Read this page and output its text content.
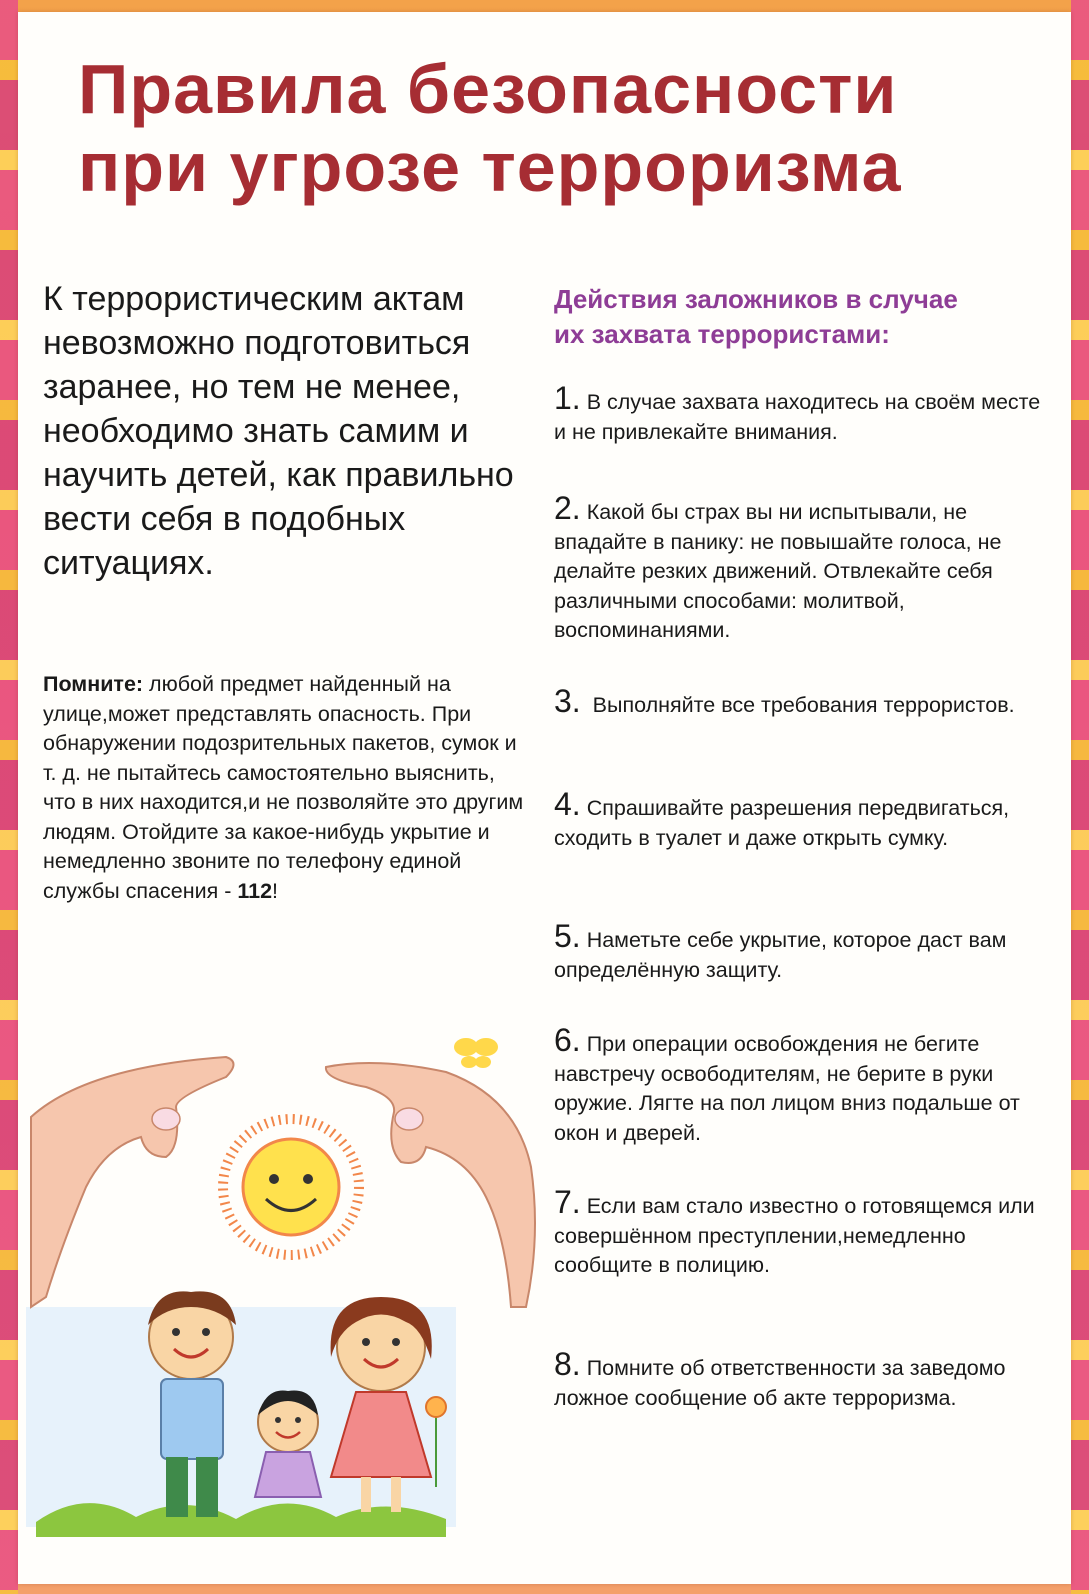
Правила безопасности
при угрозе терроризма

К террористическим актам невозможно подготовиться заранее, но тем не менее, необходимо знать самим и научить детей, как правильно вести себя в подобных ситуациях.

Помните: любой предмет найденный на улице,может представлять опасность. При обнаружении подозрительных пакетов, сумок и т. д. не пытайтесь самостоятельно выяснить, что в них находится,и не позволяйте это другим людям. Отойдите за какое-нибудь укрытие и немедленно звоните по телефону единой службы спасения - 112!

Действия заложников в случае
их захвата террористами:

1. В случае захвата находитесь на своём месте и не привлекайте внимания.

2. Какой бы страх вы ни испытывали, не впадайте в панику: не повышайте голоса, не делайте резких движений. Отвлекайте себя различными способами: молитвой, воспоминаниями.

3. Выполняйте все требования террористов.

4. Спрашивайте разрешения передвигаться, сходить в туалет и даже открыть сумку.

5. Наметьте себе укрытие, которое даст вам определённую защиту.

6. При операции освобождения не бегите навстречу освободителям, не берите в руки оружие. Лягте на пол лицом вниз подальше от окон и дверей.

7. Если вам стало известно о готовящемся или совершённом преступлении,немедленно сообщите в полицию.

8. Помните об ответственности за заведомо ложное сообщение об акте терроризма.
